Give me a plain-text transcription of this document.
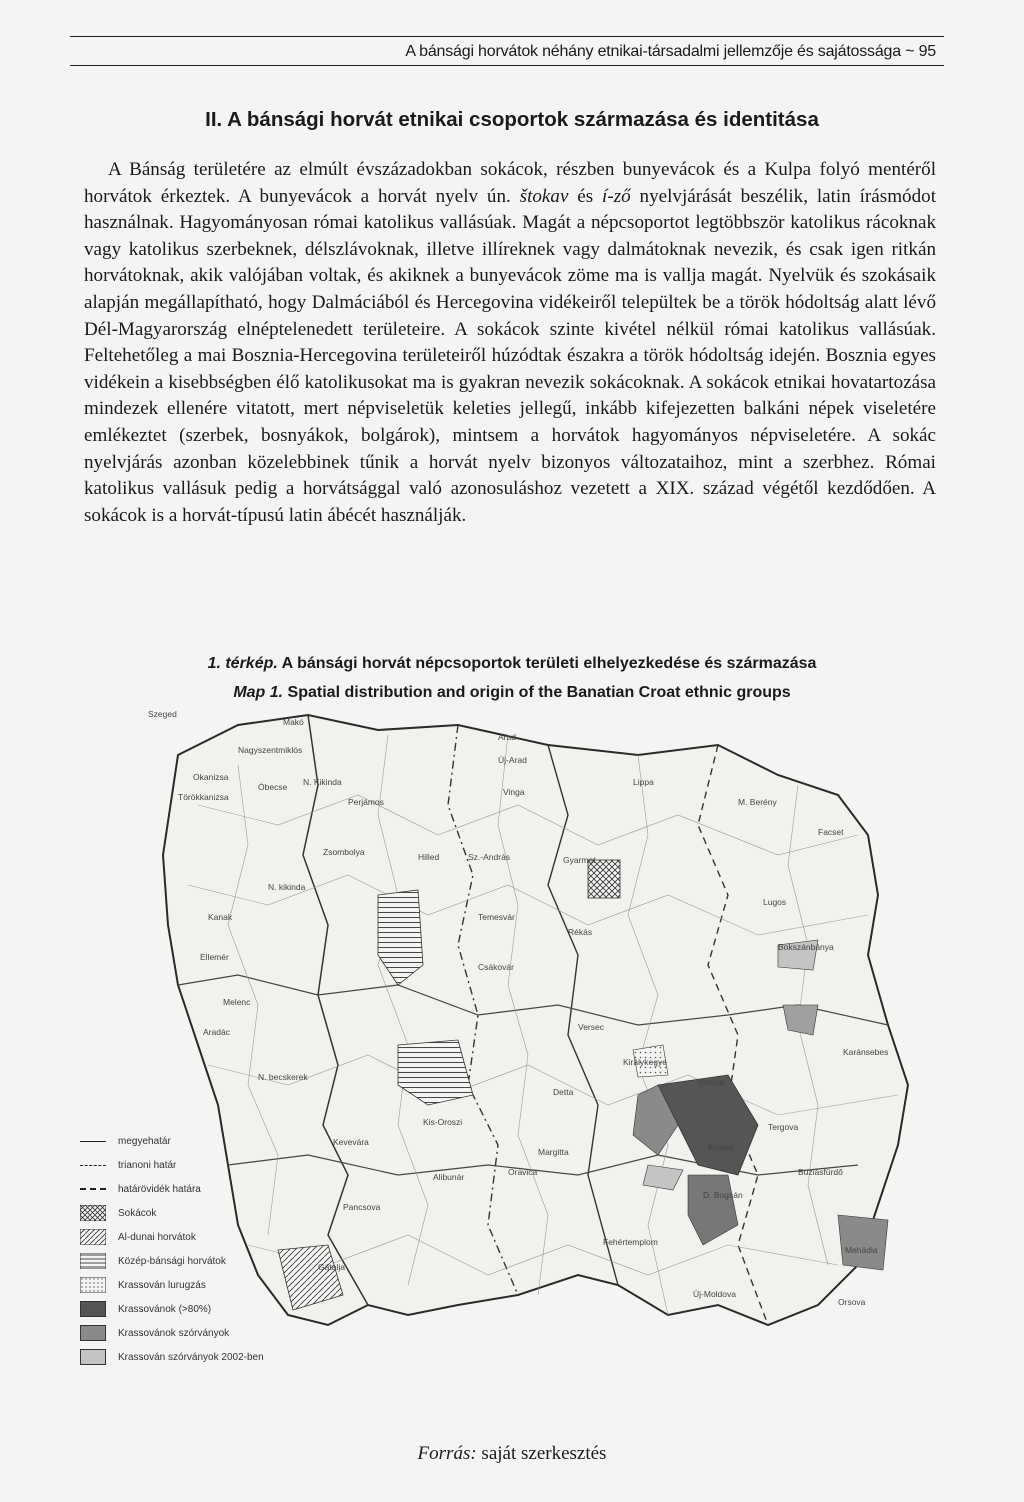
A bánsági horvátok néhány etnikai-társadalmi jellemzője és sajátossága ~ 95
II. A bánsági horvát etnikai csoportok származása és identitása

A Bánság területére az elmúlt évszázadokban sokácok, részben bunyevácok és a Kulpa folyó mentéről horvátok érkeztek. A bunyevácok a horvát nyelv ún. štokav és í-ző nyelvjárását beszélik, latin írásmódot használnak. Hagyományosan római katolikus vallásúak. Magát a népcsoportot legtöbbször katolikus rácoknak vagy katolikus szerbeknek, délszlávoknak, illetve illíreknek vagy dalmátoknak nevezik, és csak igen ritkán horvátoknak, akik valójában voltak, és akiknek a bunyevácok zöme ma is vallja magát. Nyelvük és szokásaik alapján megállapítható, hogy Dalmáciából és Hercegovina vidékeiről települtek be a török hódoltság alatt lévő Dél-Magyarország elnéptelenedett területeire. A sokácok szinte kivétel nélkül római katolikus vallásúak. Feltehetőleg a mai Bosznia-Hercegovina területeiről húzódtak északra a török hódoltság idején. Bosznia egyes vidékein a kisebbségben élő katolikusokat ma is gyakran nevezik sokácoknak. A sokácok etnikai hovatartozása mindezek ellenére vitatott, mert népviseletük keleties jellegű, inkább kifejezetten balkáni népek viseletére emlékeztet (szerbek, bosnyákok, bolgárok), mintsem a horvátok hagyományos népviseletére. A sokác nyelvjárás azonban közelebbinek tűnik a horvát nyelv bizonyos változataihoz, mint a szerbhez. Római katolikus vallásuk pedig a horvátsággal való azonosuláshoz vezetett a XIX. század végétől kezdődően. A sokácok is a horvát-típusú latin ábécét használják.

1. térkép. A bánsági horvát népcsoportok területi elhelyezkedése és származása
Map 1. Spatial distribution and origin of the Banatian Croat ethnic groups
Szeged
Makó
Arad
Új-Arad
Lippa
Nagyszentmiklós
Okanizsa
Óbecse N. Kikinda
Perjámos
Vinga
M. Berény
Facset
Törökkanizsa
N. kikinda
Zsombolya	Hilled	Sz.-András	Gyarmat
Lugos
Temesvár
Bokszánbánya
Csákovár
Versec
Fehértemplom
Karánsebes
N. becskerek
Pancsova
Alibunár	Oravica
Resica
Krassó
Mehádia
Orsova
Új-Moldova
Detta
Királykegye
Kevevára
Buziásfürdő
D. Bogsán
Kanak
Ellemér
Melenc
Aradác
Kis-Oroszi
Margitta
Tergova
Rékás
Gátalja
megyehatár
trianoni határ
határövidék határa
Sokácok
Al-dunai horvátok
Közép-bánsági horvátok
Krassován lurugzás
Krassovánok (>80%)
Krassovánok szórványok
Krassován szórványok 2002-ben
Forrás: saját szerkesztés
